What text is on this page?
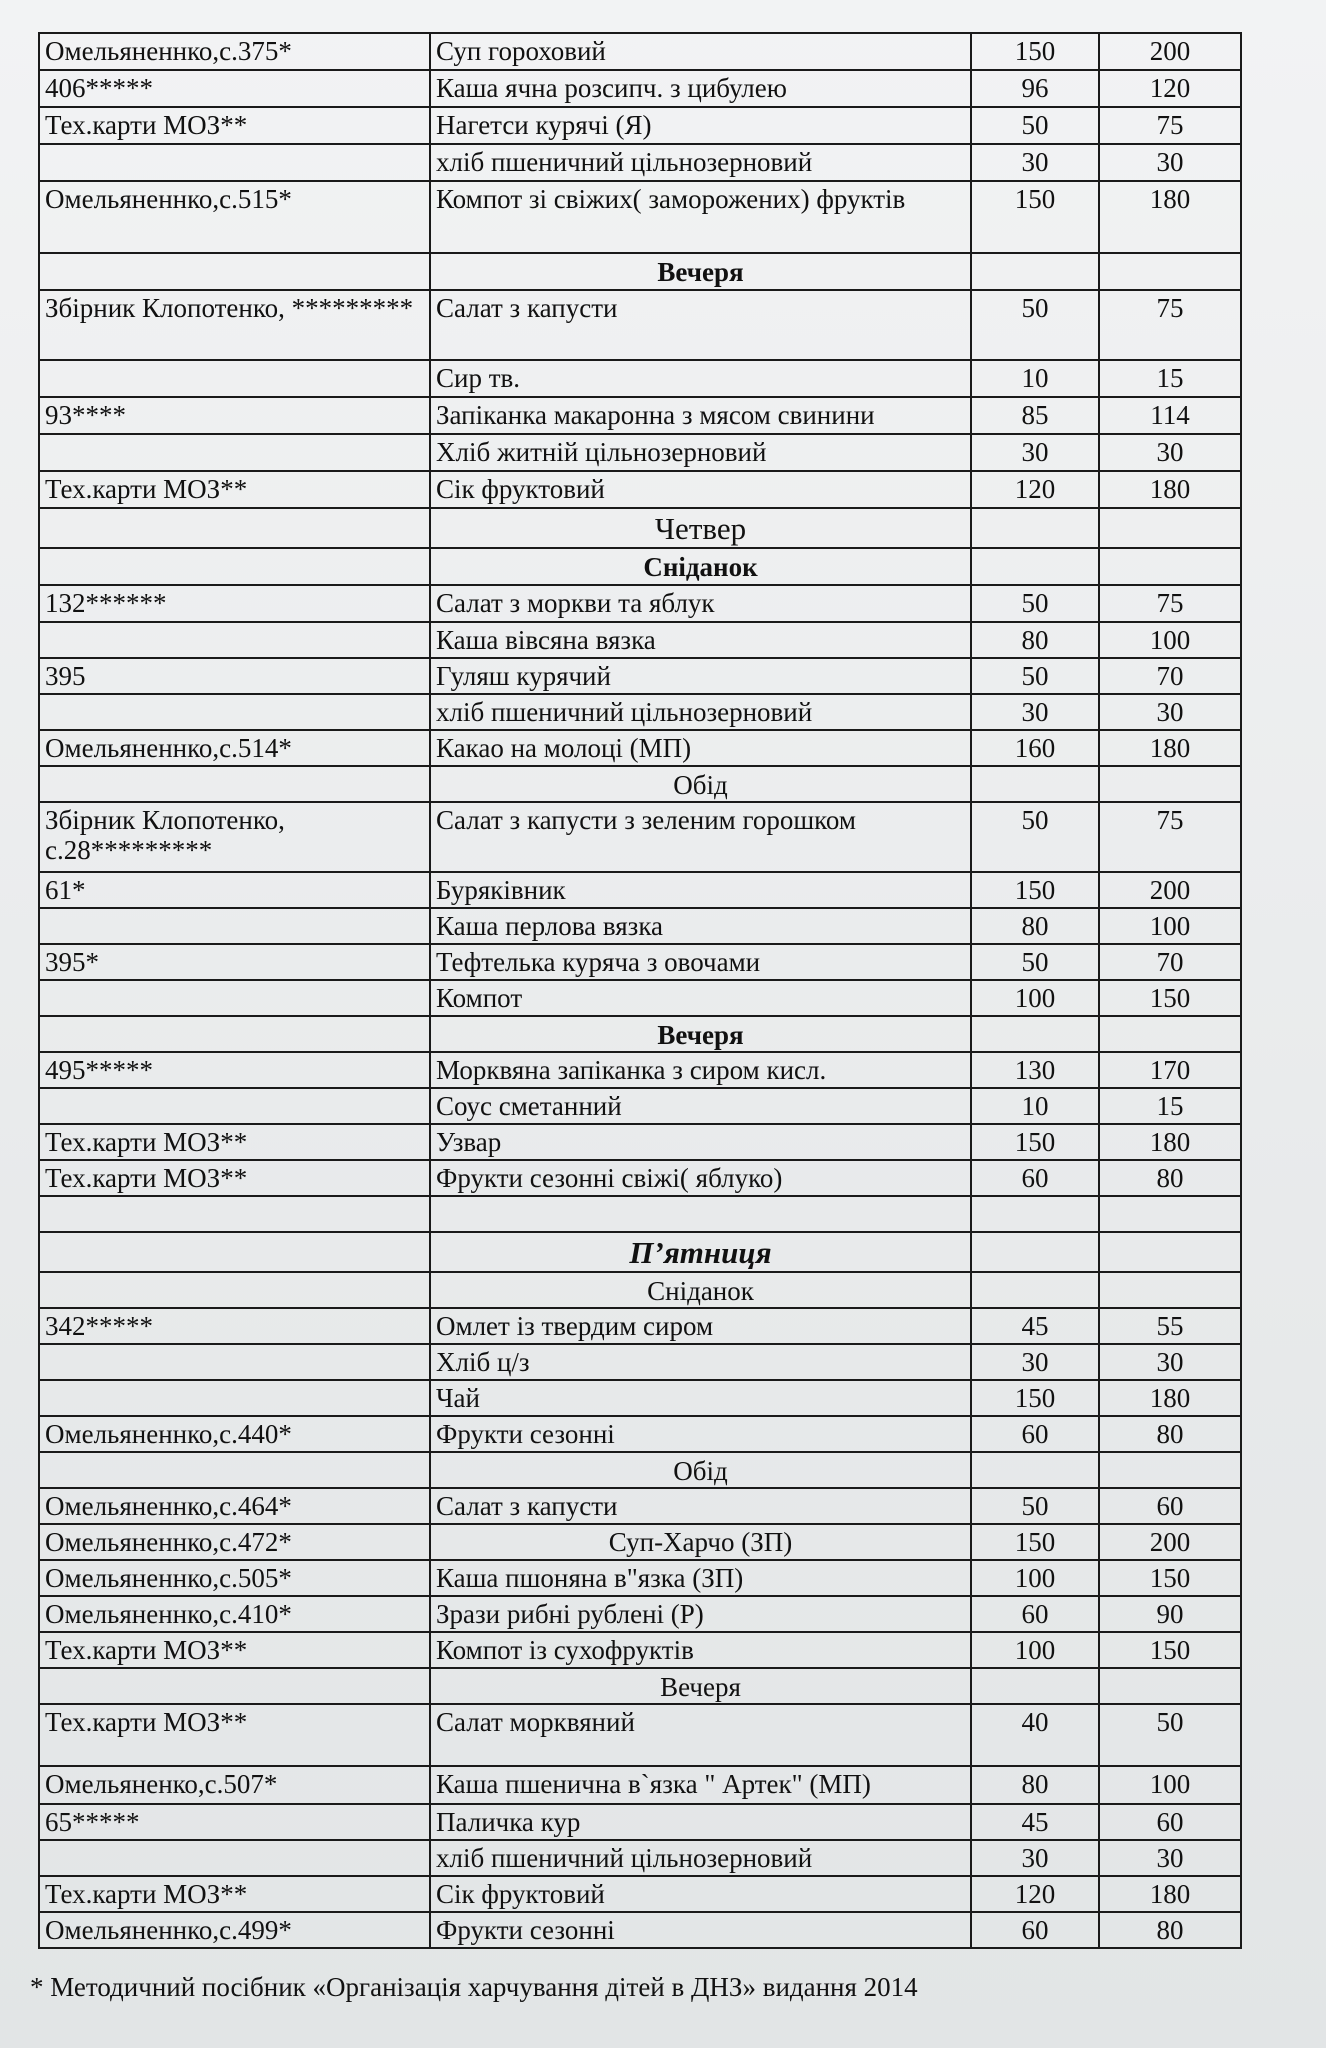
Омельяненнко,с.375*	Суп гороховий	150	200
406*****	Каша ячна розсипч. з цибулею	96	120
Тех.карти МОЗ**	Нагетси курячі (Я)	50	75
	хліб пшеничний цільнозерновий	30	30
Омельяненнко,с.515*	Компот зі свіжих( заморожених) фруктів	150	180
	Вечеря		
Збірник Клопотенко, *********	Салат з капусти	50	75
	Сир тв.	10	15
93****	Запіканка макаронна з мясом свинини	85	114
	Хліб житній цільнозерновий	30	30
Тех.карти МОЗ**	Сік фруктовий	120	180
	Четвер		
	Сніданок		
132******	Салат з моркви та яблук	50	75
	Каша вівсяна вязка	80	100
395	Гуляш курячий	50	70
	хліб пшеничний цільнозерновий	30	30
Омельяненнко,с.514*	Какао на молоці (МП)	160	180
	Обід		
Збірник Клопотенко, с.28*********	Салат з капусти з зеленим горошком	50	75
61*	Буряківник	150	200
	Каша перлова вязка	80	100
395*	Тефтелька куряча з овочами	50	70
	Компот	100	150
	Вечеря		
495*****	Морквяна запіканка з сиром кисл.	130	170
	Соус сметанний	10	15
Тех.карти МОЗ**	Узвар	150	180
Тех.карти МОЗ**	Фрукти сезонні свіжі( яблуко)	60	80

	П’ятниця		
	Сніданок		
342*****	Омлет із твердим сиром	45	55
	Хліб ц/з	30	30
	Чай	150	180
Омельяненнко,с.440*	Фрукти сезонні	60	80
	Обід		
Омельяненнко,с.464*	Салат з капусти	50	60
Омельяненнко,с.472*	Суп-Харчо (ЗП)	150	200
Омельяненнко,с.505*	Каша пшоняна в"язка (ЗП)	100	150
Омельяненнко,с.410*	Зрази рибні рублені (Р)	60	90
Тех.карти МОЗ**	Компот із сухофруктів	100	150
	Вечеря		
Тех.карти МОЗ**	Салат морквяний	40	50
Омельяненко,с.507*	Каша пшенична в`язка " Артек" (МП)	80	100
65*****	Паличка кур	45	60
	хліб пшеничний цільнозерновий	30	30
Тех.карти МОЗ**	Сік фруктовий	120	180
Омельяненнко,с.499*	Фрукти сезонні	60	80
* Методичний посібник «Організація харчування дітей в ДНЗ» видання 2014
